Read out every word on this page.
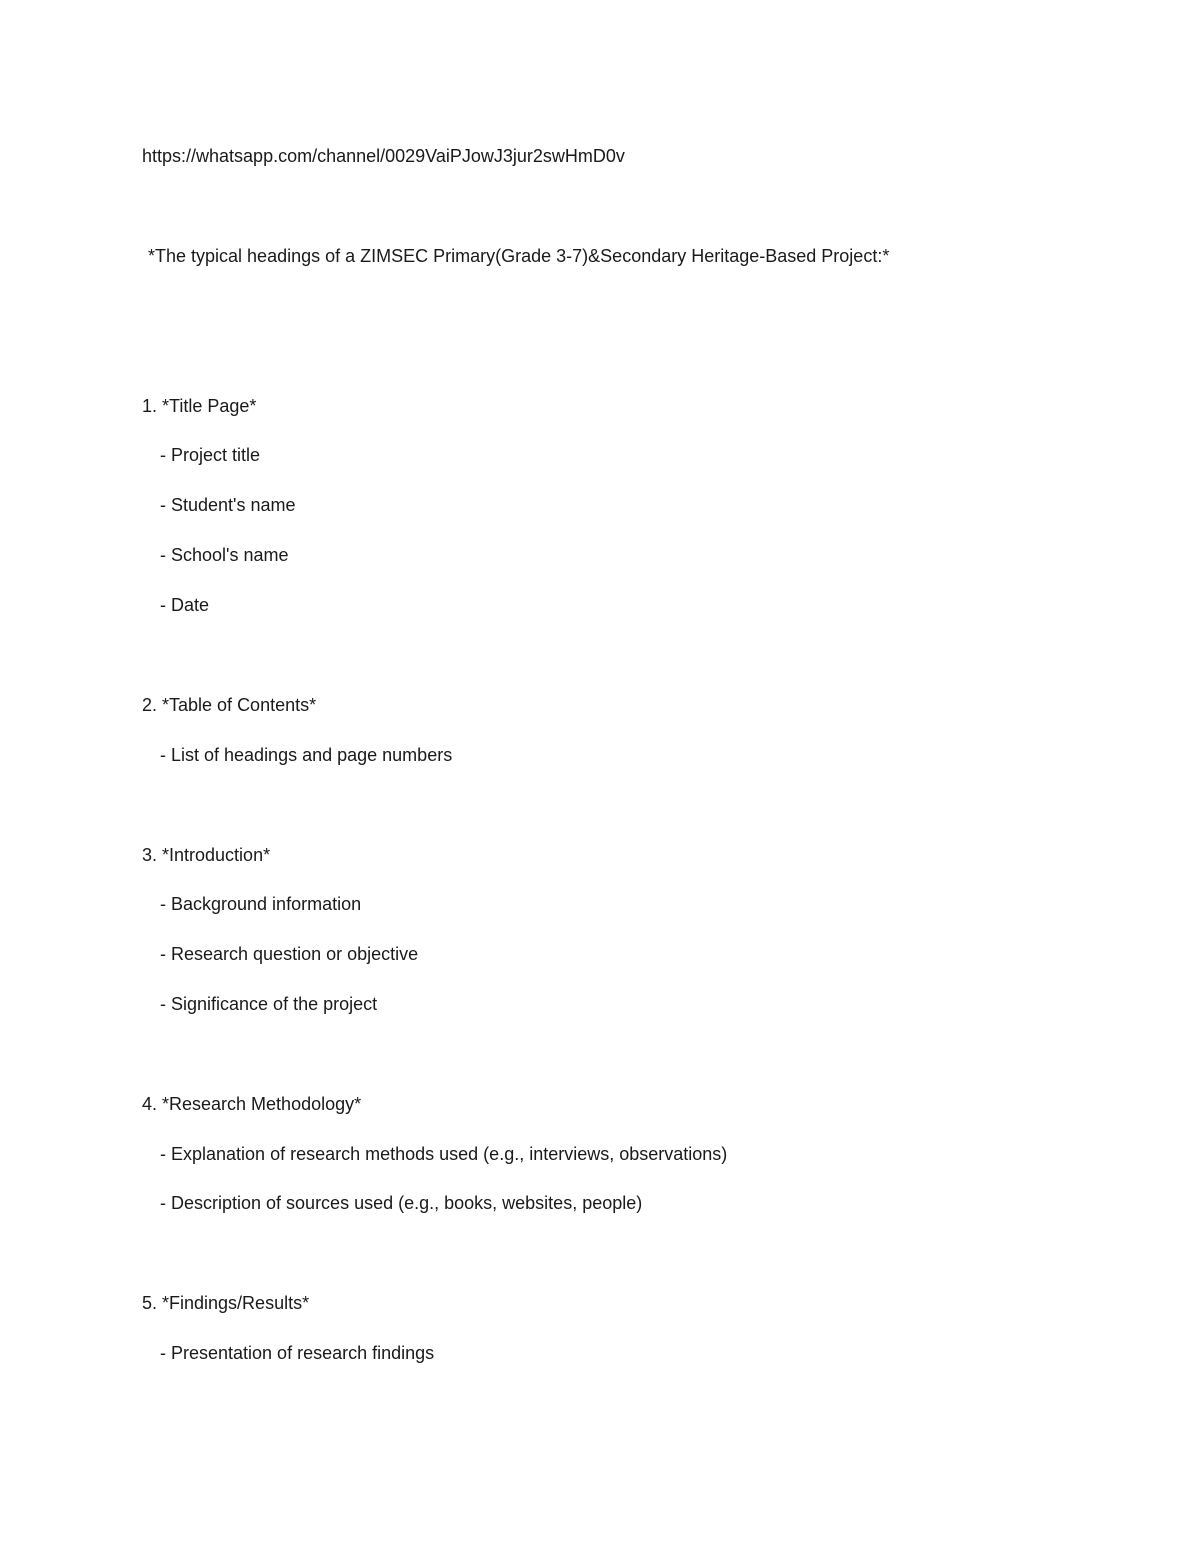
https://whatsapp.com/channel/0029VaiPJowJ3jur2swHmD0v
*The typical headings of a ZIMSEC Primary(Grade 3-7)&Secondary Heritage-Based Project:*
1. *Title Page*
- Project title
- Student's name
- School's name
- Date
2. *Table of Contents*
- List of headings and page numbers
3. *Introduction*
- Background information
- Research question or objective
- Significance of the project
4. *Research Methodology*
- Explanation of research methods used (e.g., interviews, observations)
- Description of sources used (e.g., books, websites, people)
5. *Findings/Results*
- Presentation of research findings
